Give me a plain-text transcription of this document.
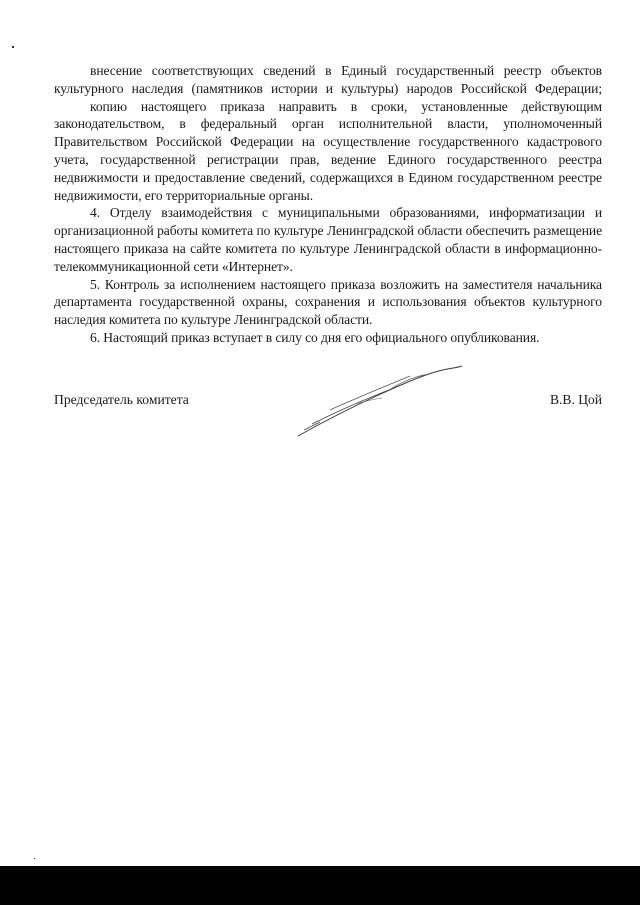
внесение соответствующих сведений в Единый государственный реестр объектов культурного наследия (памятников истории и культуры) народов Российской Федерации;

копию настоящего приказа направить в сроки, установленные действующим законодательством, в федеральный орган исполнительной власти, уполномоченный Правительством Российской Федерации на осуществление государственного кадастрового учета, государственной регистрации прав, ведение Единого государственного реестра недвижимости и предоставление сведений, содержащихся в Едином государственном реестре недвижимости, его территориальные органы.

4. Отделу взаимодействия с муниципальными образованиями, информатизации и организационной работы комитета по культуре Ленинградской области обеспечить размещение настоящего приказа на сайте комитета по культуре Ленинградской области в информационно-телекоммуникационной сети «Интернет».

5. Контроль за исполнением настоящего приказа возложить на заместителя начальника департамента государственной охраны, сохранения и использования объектов культурного наследия комитета по культуре Ленинградской области.

6. Настоящий приказ вступает в силу со дня его официального опубликования.

Председатель комитета	В.В. Цой
